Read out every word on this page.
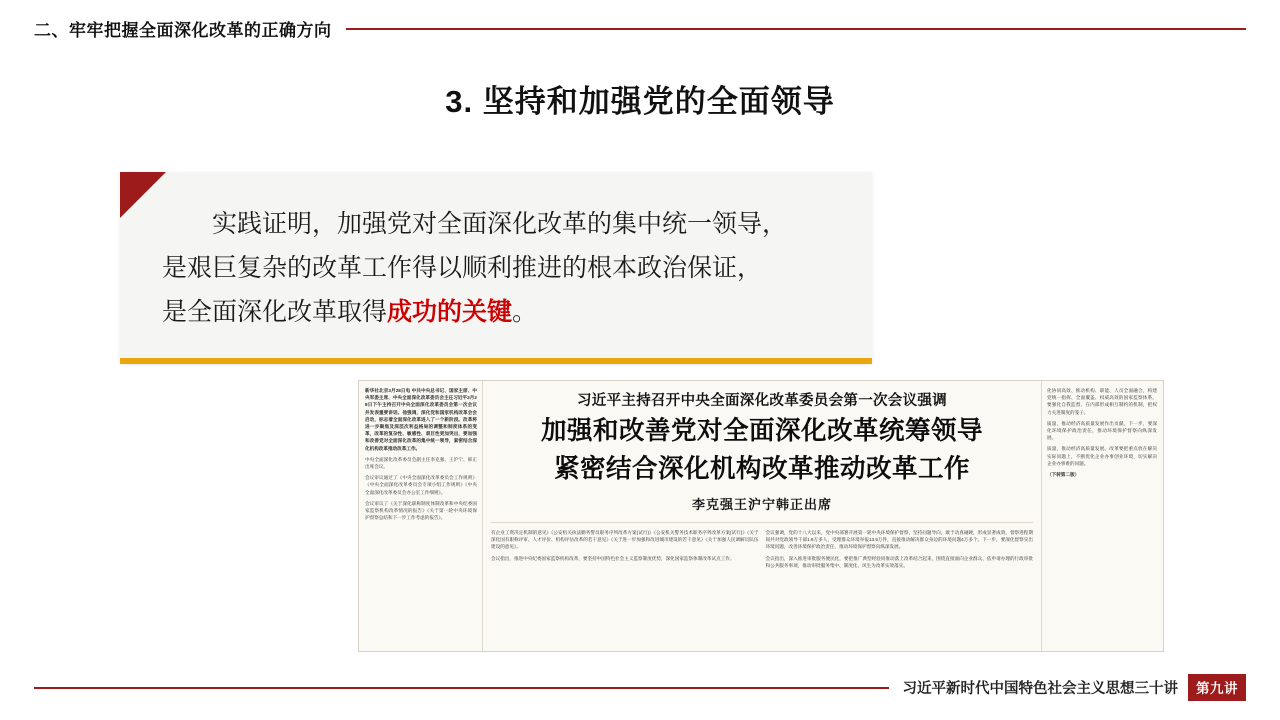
二、牢牢把握全面深化改革的正确方向
3. 坚持和加强党的全面领导
实践证明，加强党对全面深化改革的集中统一领导，
是艰巨复杂的改革工作得以顺利推进的根本政治保证，
是全面深化改革取得成功的关键。
新华社北京3月28日电 中共中央总书记、国家主席、中央军委主席、中央全面深化改革委员会主任习近平3月28日下午主持召开中央全面深化改革委员会第一次会议并发表重要讲话。他强调，深化党和国家机构改革会会启动，标志着全面深化改革进入了一个新阶段。改革将进一步聚焦及深层次利益格局的调整和制度体系的变革，改革的复杂性、敏感性、艰巨性更加突出，要加强和改善党对全面深化改革的集中统一领导，紧密结合深化机构改革推动改革工作。
中央全面深化改革委员会副主任李克强、王沪宁、韩正出席会议。
会议审议通过了《中央全面深化改革委员会工作规则》《中央全面深化改革委员会专项小组工作规则》《中央全面深化改革委员会办公室工作细则》。
会议审议了《关于深化职称制度体制改革和中央纪委国家监察机构改革情况的报告》《关于第一轮中央环境保护督察总结和下一步工作考虑的报告》。
习近平主持召开中央全面深化改革委员会第一次会议强调
加强和改善党对全面深化改革统筹领导
紧密结合深化机构改革推动改革工作
李克强王沪宁韩正出席
有企业工资决定机制的意见》《公安机关执法勤务警员职务序列改革方案(试行)》《公安机关警务技术职务序列改革方案(试行)》《关于深化国有职称评审、人才评价、机构评估改革的若干意见》《关于进一步加强和改进城市建设的若干意见》《关于加强人民调解员队伍建设的意见》。
会议指出，推进中央纪委国家监察机构改革，要坚持中国特色社会主义监察制度优势，深化国家监察体制改革试点工作。
会议强调，党的十八大以来，党中央部署开展第一轮中央环境保护督察，坚持问题导向，敢于动真碰硬，形成显著成效，督察进程期间共对党政领导干部1.8万多人，受理群众环境举报13.5万件，直接推动解决群众身边的环境问题4万多个。下一步，要深化督察实出环境问题，改善环境保护政治责任，推动环境保护督察向纵深发展。
会议指出，深入推进审批服务便民化，要把推广典型经验同推动落上改革结合起来，围绕直接面向企业群众、依申请办理的行政审批和公共服务事项，推动审批服务集中、制度化、风生为改革实效落实。
化协同高效、推动机构、职能、人员全面融合，构建党统一指挥、全面覆盖、权威高效的国家监察体系。要强化自我监督、在内部形成相互制约的机制，把权力关进制度的笼子。
质量，推动经济高质量发展作出贡献。下一步，要深化环境保护政治责任，推动环境保护督察向纵深发展。
质量，推动经济高质量发展。改革要把重点放在解决实际问题上，不断优化企业办事创业环境，切实解决企业办事难的问题。
（下转第二版）
习近平新时代中国特色社会主义思想三十讲	第九讲
